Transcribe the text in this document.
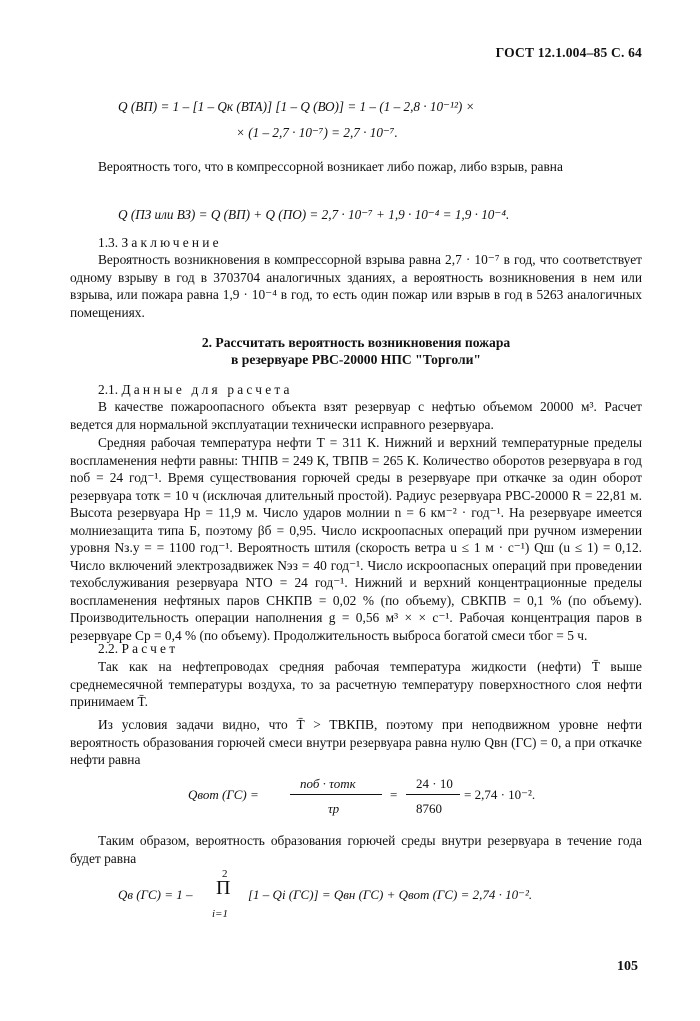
ГОСТ 12.1.004–85 С. 64
Q (ВП) = 1 – [1 – Qк (ВТА)] [1 – Q (ВО)] = 1 – (1 – 2,8 · 10⁻¹²) ×
× (1 – 2,7 · 10⁻⁷) = 2,7 · 10⁻⁷.
Вероятность того, что в компрессорной возникает либо пожар, либо взрыв, равна
Q (ПЗ или ВЗ) = Q (ВП) + Q (ПО) = 2,7 · 10⁻⁷ + 1,9 · 10⁻⁴ = 1,9 · 10⁻⁴.
1.3. Заключение
Вероятность возникновения в компрессорной взрыва равна 2,7 · 10⁻⁷ в год, что соответствует одному взрыву в год в 3703704 аналогичных зданиях, а вероятность возникновения в нем или взрыва, или пожара равна 1,9 · 10⁻⁴ в год, то есть один пожар или взрыв в год в 5263 аналогичных помещениях.
2. Рассчитать вероятность возникновения пожара
в резервуаре РВС-20000 НПС "Торголи"
2.1. Данные для расчета
В качестве пожароопасного объекта взят резервуар с нефтью объемом 20000 м³. Расчет ведется для нормальной эксплуатации технически исправного резервуара.
Средняя рабочая температура нефти T = 311 К. Нижний и верхний температурные пределы воспламенения нефти равны: TНПВ = 249 К, TВПВ = 265 К. Количество оборотов резервуара в год nоб = 24 год⁻¹. Время существования горючей среды в резервуаре при откачке за один оборот резервуара τотк = 10 ч (исключая длительный простой). Радиус резервуара РВС-20000 R = 22,81 м. Высота резервуара Hр = 11,9 м. Число ударов молнии n = 6 км⁻² · год⁻¹. На резервуаре имеется молниезащита типа Б, поэтому βб = 0,95. Число искроопасных операций при ручном измерении уровня Nз.у = = 1100 год⁻¹. Вероятность штиля (скорость ветра u ≤ 1 м · с⁻¹) Qш (u ≤ 1) = 0,12. Число включений электрозадвижек Nэз = 40 год⁻¹. Число искроопасных операций при проведении техобслуживания резервуара NТО = 24 год⁻¹. Нижний и верхний концентрационные пределы воспламенения нефтяных паров CНКПВ = 0,02 % (по объему), CВКПВ = 0,1 % (по объему). Производительность операции наполнения g = 0,56 м³ × × с⁻¹. Рабочая концентрация паров в резервуаре Cр = 0,4 % (по объему). Продолжительность выброса богатой смеси τбог = 5 ч.
2.2. Расчет
Так как на нефтепроводах средняя рабочая температура жидкости (нефти) T̄ выше среднемесячной температуры воздуха, то за расчетную температуру поверхностного слоя нефти принимаем T̄.
Из условия задачи видно, что T̄ > TВКПВ, поэтому при неподвижном уровне нефти вероятность образования горючей смеси внутри резервуара равна нулю Qвн (ГС) = 0, а при откачке нефти равна
Qвот (ГС) =
nоб · τотк
τр
=
24 · 10
8760
= 2,74 · 10⁻².
Таким образом, вероятность образования горючей среды внутри резервуара в течение года будет равна
Qв (ГС) = 1 –
2
Π
i=1
[1 – Qi (ГС)] = Qвн (ГС) + Qвот (ГС) = 2,74 · 10⁻².
105
